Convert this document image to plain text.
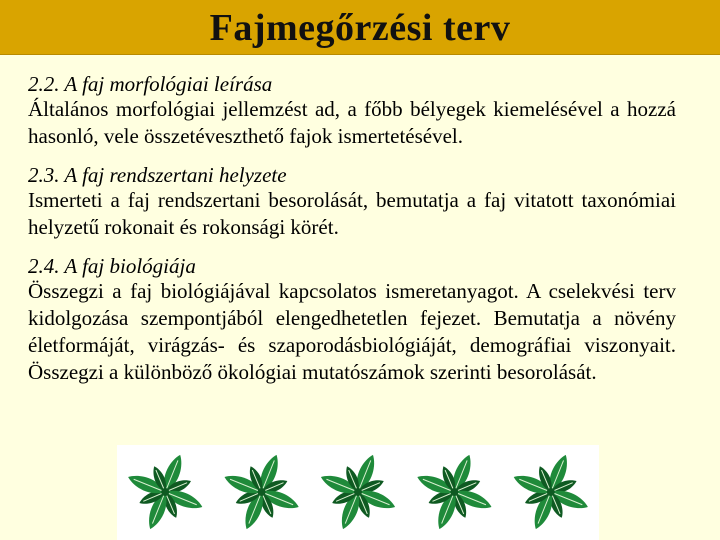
Fajmegőrzési terv
2.2. A faj morfológiai leírása

Általános morfológiai jellemzést ad, a főbb bélyegek kiemelésével a hozzá hasonló, vele összetéveszthető fajok ismertetésével.

2.3. A faj rendszertani helyzete

Ismerteti a faj rendszertani besorolását, bemutatja a faj vitatott taxonómiai helyzetű rokonait és rokonsági körét.

2.4. A faj biológiája

Összegzi a faj biológiájával kapcsolatos ismeretanyagot. A cselekvési terv kidolgozása szempontjából elengedhetetlen fejezet. Bemutatja a növény életformáját, virágzás- és szaporodásbiológiáját, demográfiai viszonyait. Összegzi a különböző ökológiai mutatószámok szerinti besorolását.
